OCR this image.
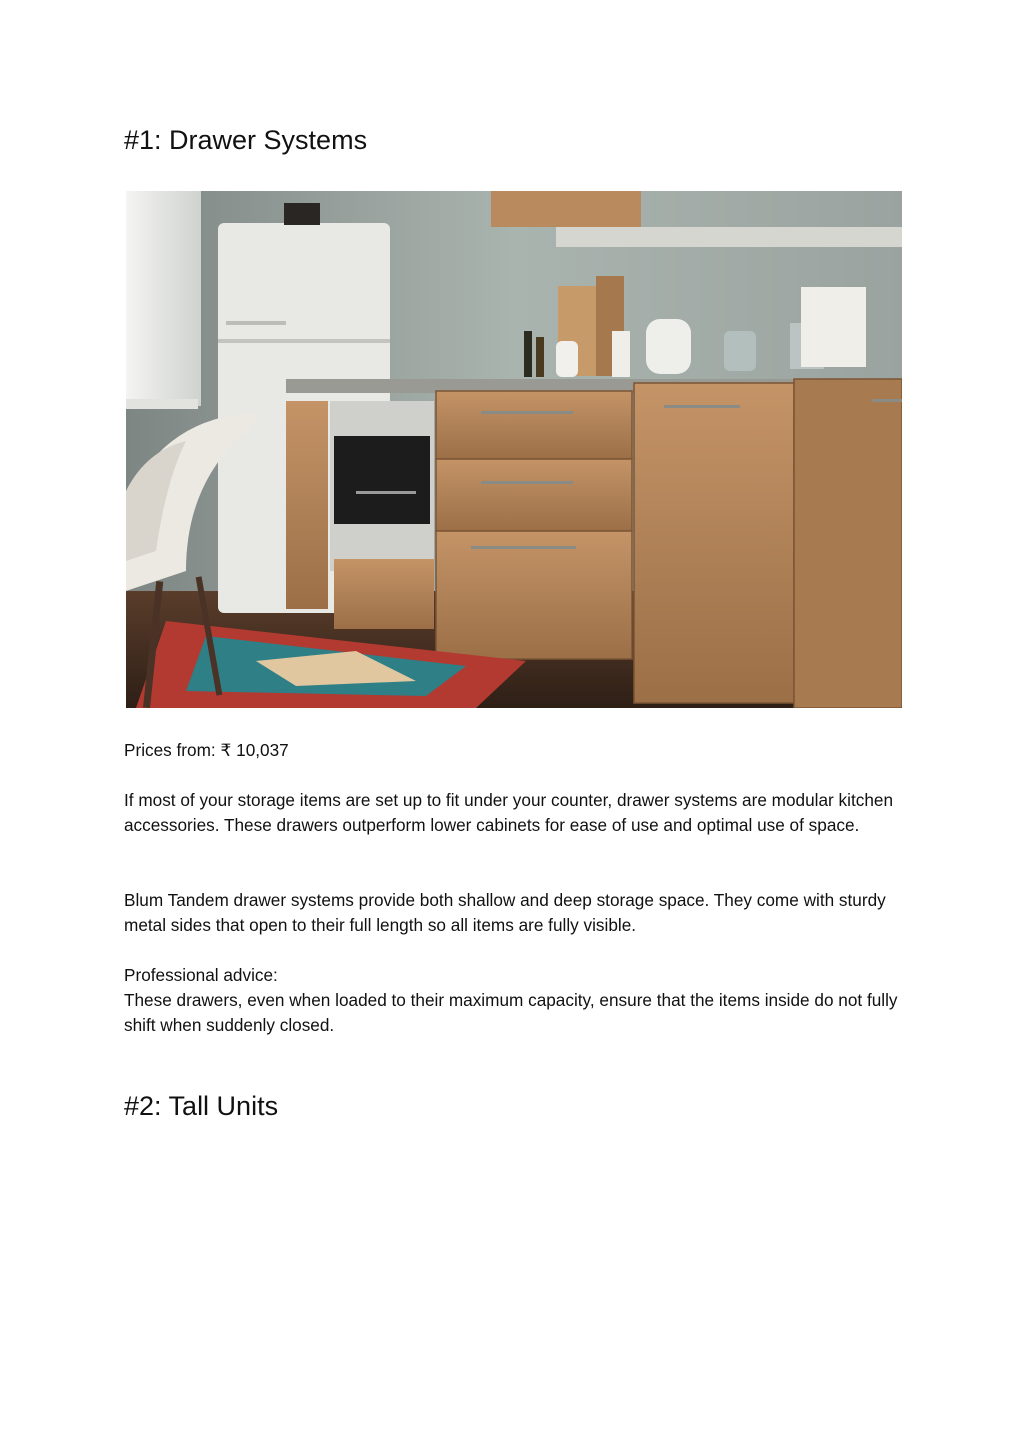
#1: Drawer Systems

Prices from: ₹ 10,037

If most of your storage items are set up to fit under your counter, drawer systems are modular kitchen accessories. These drawers outperform lower cabinets for ease of use and optimal use of space.

Blum Tandem drawer systems provide both shallow and deep storage space. They come with sturdy metal sides that open to their full length so all items are fully visible.

Professional advice:
These drawers, even when loaded to their maximum capacity, ensure that the items inside do not fully shift when suddenly closed.
#2: Tall Units
